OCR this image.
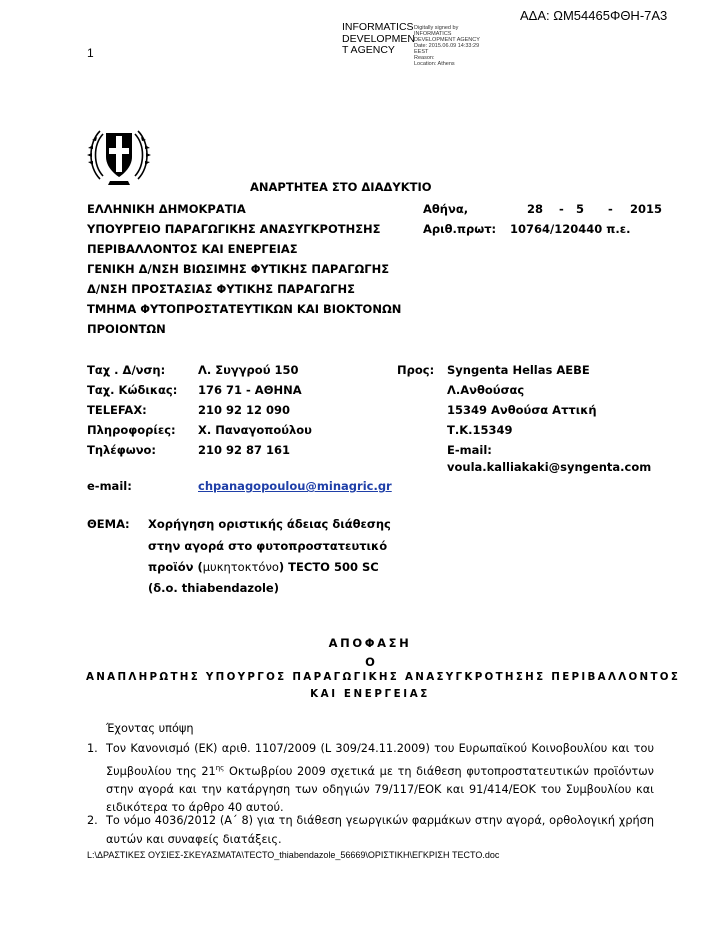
ΑΔΑ: ΩΜ54465ΦΘΗ-7Α3
1
INFORMATICS
DEVELOPMEN
T AGENCY
Digitally signed by
INFORMATICS
DEVELOPMENT AGENCY
Date: 2015.06.09 14:33:29
EEST
Reason:
Location: Athens
ΑΝΑΡΤΗΤΕΑ ΣΤΟ ΔΙΑΔΥΚΤΙΟ
ΕΛΛΗΝΙΚΗ ΔΗΜΟΚΡΑΤΙΑ
ΥΠΟΥΡΓΕΙΟ ΠΑΡΑΓΩΓΙΚΗΣ ΑΝΑΣΥΓΚΡΟΤΗΣΗΣ
ΠΕΡΙΒΑΛΛΟΝΤΟΣ ΚΑΙ ΕΝΕΡΓΕΙΑΣ
ΓΕΝΙΚΗ Δ/ΝΣΗ ΒΙΩΣΙΜΗΣ ΦΥΤΙΚΗΣ ΠΑΡΑΓΩΓΗΣ
Δ/ΝΣΗ ΠΡΟΣΤΑΣΙΑΣ ΦΥΤΙΚΗΣ ΠΑΡΑΓΩΓΗΣ
ΤΜΗΜΑ ΦΥΤΟΠΡΟΣΤΑΤΕΥΤΙΚΩΝ ΚΑΙ ΒΙΟΚΤΟΝΩΝ
ΠΡΟΙΟΝΤΩΝ
Αθήνα,	28 - 5 - 2015
Αριθ.πρωτ: 10764/120440 π.ε.
Ταχ . Δ/νση:	Λ. Συγγρού 150
Ταχ. Κώδικας: 176 71 - ΑΘΗΝΑ
TELEFAX:	210 92 12 090
Πληροφορίες: Χ. Παναγοπούλου
Τηλέφωνο:	210 92 87 161
e-mail:	chpanagopoulou@minagric.gr
Προς: Syngenta Hellas AEBE
Λ.Ανθούσας
15349 Ανθούσα Αττική
Τ.Κ.15349
E-mail:
voula.kalliakaki@syngenta.com
ΘΕΜΑ: Χορήγηση οριστικής άδειας διάθεσης
στην αγορά στο φυτοπροστατευτικό
προϊόν (μυκητοκτόνο) ΤΕCTO 500 SC
(δ.ο. thiabendazole)
ΑΠΟΦΑΣΗ
Ο
ΑΝΑΠΛΗΡΩΤΗΣ ΥΠΟΥΡΓΟΣ ΠΑΡΑΓΩΓΙΚΗΣ ΑΝΑΣΥΓΚΡΟΤΗΣΗΣ ΠΕΡΙΒΑΛΛΟΝΤΟΣ
ΚΑΙ ΕΝΕΡΓΕΙΑΣ
Έχοντας υπόψη
1. Τον Κανονισμό (ΕΚ) αριθ. 1107/2009 (L 309/24.11.2009) του Ευρωπαϊκού Κοινοβουλίου και του Συμβουλίου της $21^{\eta\varsigma}$ Οκτωβρίου 2009 σχετικά με τη διάθεση φυτοπροστατευτικών προϊόντων στην αγορά και την κατάργηση των οδηγιών 79/117/ΕΟΚ και 91/414/ΕΟΚ του Συμβουλίου και ειδικότερα το άρθρο 40 αυτού.
2. Το νόμο 4036/2012 (Α΄ 8) για τη διάθεση γεωργικών φαρμάκων στην αγορά, ορθολογική χρήση αυτών και συναφείς διατάξεις.
L:\ΔΡΑΣΤΙΚΕΣ ΟΥΣΙΕΣ-ΣΚΕΥΑΣΜΑΤΑ\TECTO_thiabendazole_56669\ΟΡΙΣΤΙΚΗ\ΕΓΚΡΙΣΗ TECTO.doc
